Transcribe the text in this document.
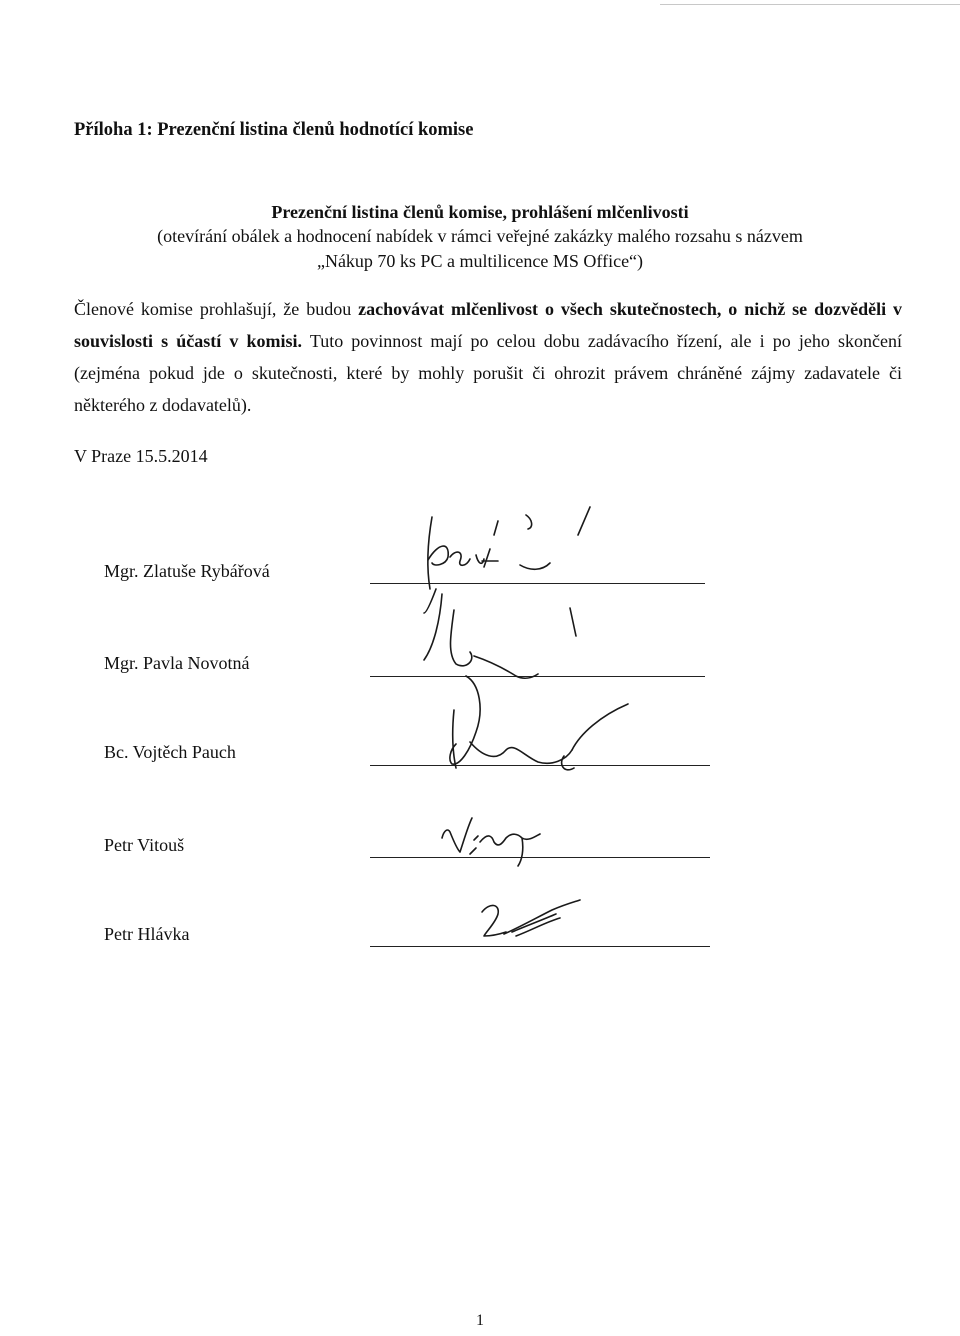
Příloha 1: Prezenční listina členů hodnotící komise
Prezenční listina členů komise, prohlášení mlčenlivosti
(otevírání obálek a hodnocení nabídek v rámci veřejné zakázky malého rozsahu s názvem
„Nákup 70 ks PC a multilicence MS Office“)
Členové komise prohlašují, že budou zachovávat mlčenlivost o všech skutečnostech, o nichž se dozvěděli v souvislosti s účastí v komisi. Tuto povinnost mají po celou dobu zadávacího řízení, ale i po jeho skončení (zejména pokud jde o skutečnosti, které by mohly porušit či ohrozit právem chráněné zájmy zadavatele či některého z dodavatelů).
V Praze 15.5.2014
Mgr. Zlatuše Rybářová
Mgr. Pavla Novotná
Bc. Vojtěch Pauch
Petr Vitouš
Petr Hlávka
1
